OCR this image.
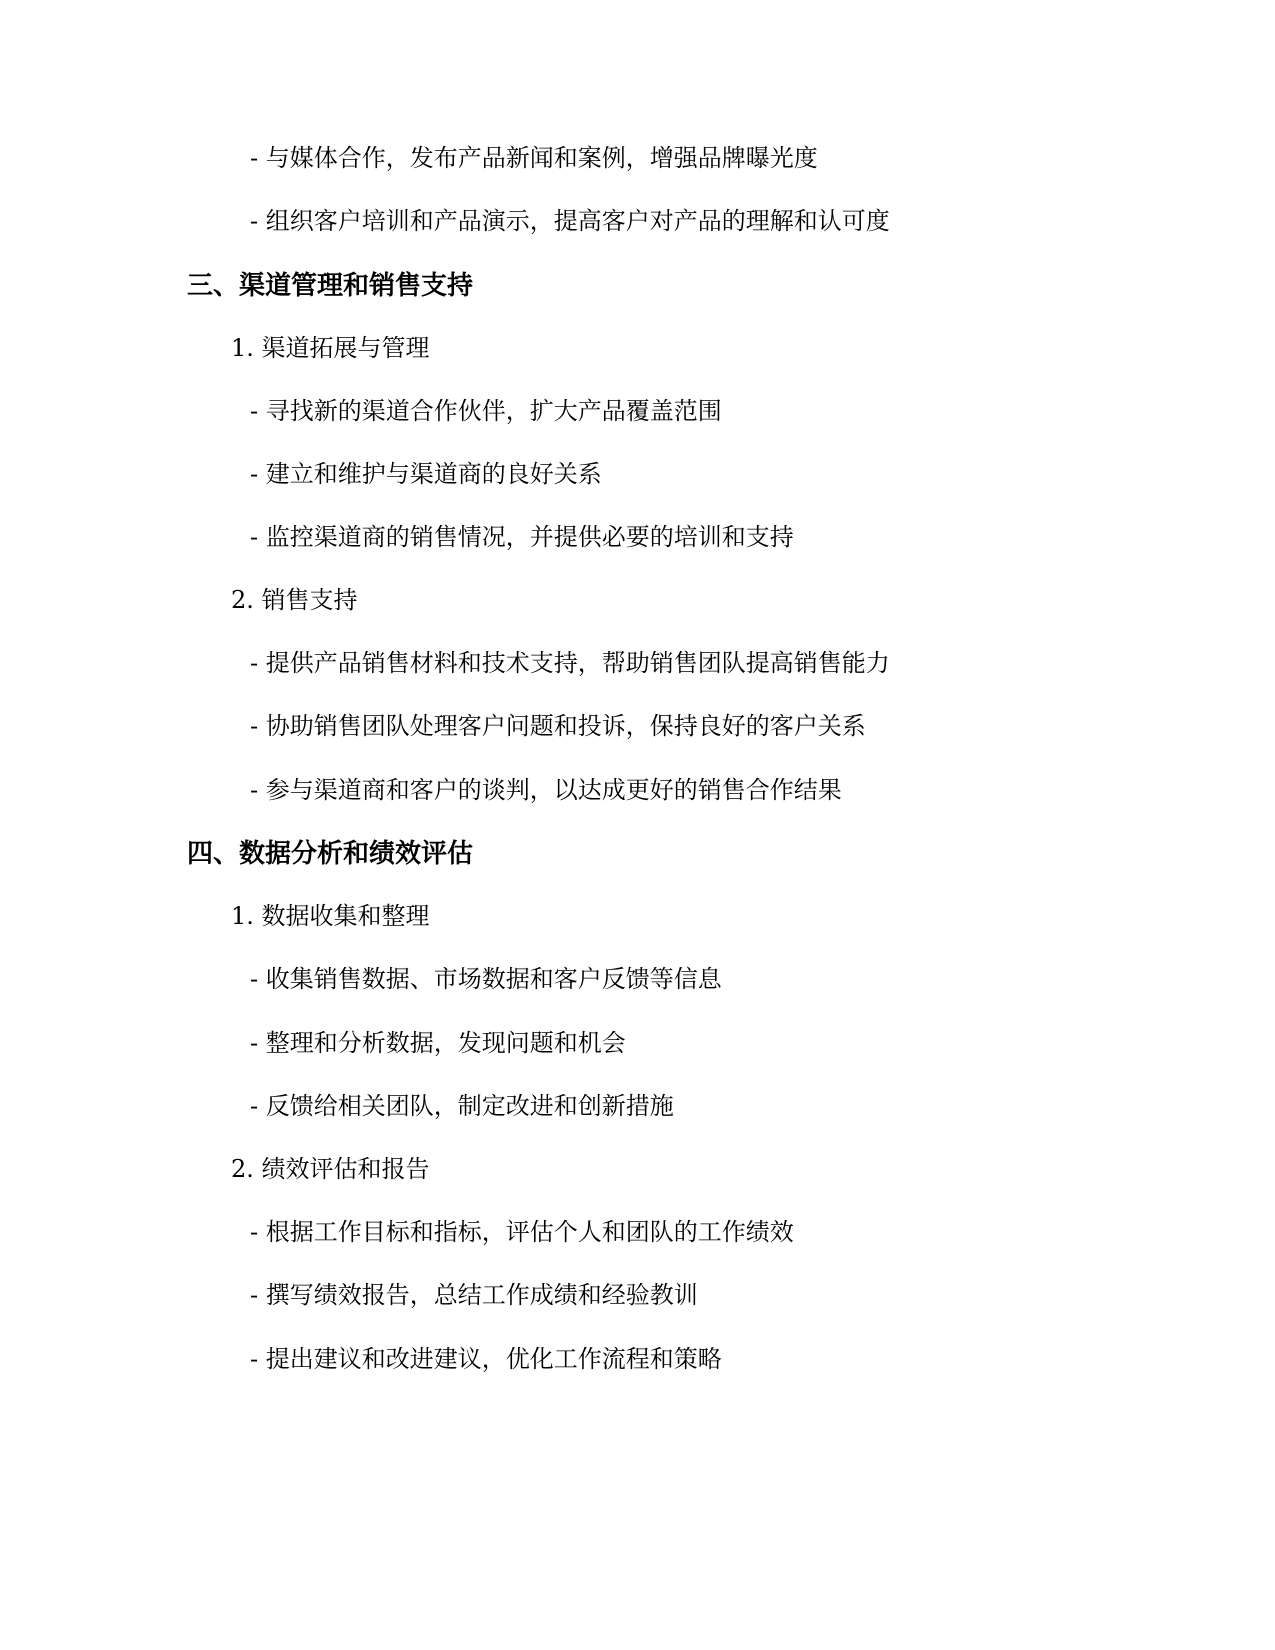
- 与媒体合作，发布产品新闻和案例，增强品牌曝光度
- 组织客户培训和产品演示，提高客户对产品的理解和认可度
三、渠道管理和销售支持
1. 渠道拓展与管理
- 寻找新的渠道合作伙伴，扩大产品覆盖范围
- 建立和维护与渠道商的良好关系
- 监控渠道商的销售情况，并提供必要的培训和支持
2. 销售支持
- 提供产品销售材料和技术支持，帮助销售团队提高销售能力
- 协助销售团队处理客户问题和投诉，保持良好的客户关系
- 参与渠道商和客户的谈判，以达成更好的销售合作结果
四、数据分析和绩效评估
1. 数据收集和整理
- 收集销售数据、市场数据和客户反馈等信息
- 整理和分析数据，发现问题和机会
- 反馈给相关团队，制定改进和创新措施
2. 绩效评估和报告
- 根据工作目标和指标，评估个人和团队的工作绩效
- 撰写绩效报告，总结工作成绩和经验教训
- 提出建议和改进建议，优化工作流程和策略
